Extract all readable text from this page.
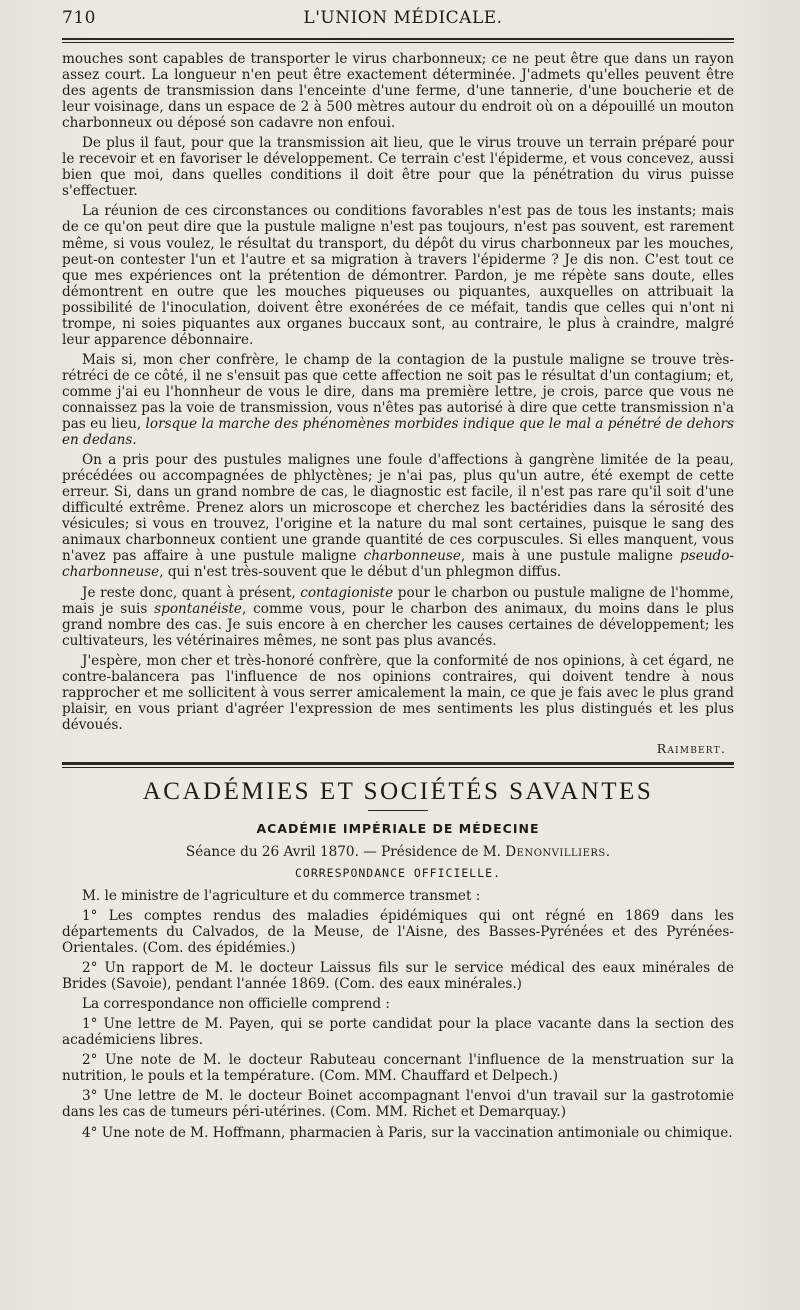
710	L'UNION MÉDICALE.

mouches sont capables de transporter le virus charbonneux; ce ne peut être que dans un rayon assez court. La longueur n'en peut être exactement déterminée. J'admets qu'elles peuvent être des agents de transmission dans l'enceinte d'une ferme, d'une tannerie, d'une boucherie et de leur voisinage, dans un espace de 2 à 500 mètres autour du endroit où on a dépouillé un mouton charbonneux ou déposé son cadavre non enfoui.

De plus il faut, pour que la transmission ait lieu, que le virus trouve un terrain préparé pour le recevoir et en favoriser le développement. Ce terrain c'est l'épiderme, et vous concevez, aussi bien que moi, dans quelles conditions il doit être pour que la pénétration du virus puisse s'effectuer.

La réunion de ces circonstances ou conditions favorables n'est pas de tous les instants; mais de ce qu'on peut dire que la pustule maligne n'est pas toujours, n'est pas souvent, est rarement même, si vous voulez, le résultat du transport, du dépôt du virus charbonneux par les mouches, peut-on contester l'un et l'autre et sa migration à travers l'épiderme ? Je dis non. C'est tout ce que mes expériences ont la prétention de démontrer. Pardon, je me répète sans doute, elles démontrent en outre que les mouches piqueuses ou piquantes, auxquelles on attribuait la possibilité de l'inoculation, doivent être exonérées de ce méfait, tandis que celles qui n'ont ni trompe, ni soies piquantes aux organes buccaux sont, au contraire, le plus à craindre, malgré leur apparence débonnaire.

Mais si, mon cher confrère, le champ de la contagion de la pustule maligne se trouve très-rétréci de ce côté, il ne s'ensuit pas que cette affection ne soit pas le résultat d'un contagium; et, comme j'ai eu l'honnheur de vous le dire, dans ma première lettre, je crois, parce que vous ne connaissez pas la voie de transmission, vous n'êtes pas autorisé à dire que cette transmission n'a pas eu lieu, lorsque la marche des phénomènes morbides indique que le mal a pénétré de dehors en dedans.

On a pris pour des pustules malignes une foule d'affections à gangrène limitée de la peau, précédées ou accompagnées de phlyctènes; je n'ai pas, plus qu'un autre, été exempt de cette erreur. Si, dans un grand nombre de cas, le diagnostic est facile, il n'est pas rare qu'il soit d'une difficulté extrême. Prenez alors un microscope et cherchez les bactéridies dans la sérosité des vésicules; si vous en trouvez, l'origine et la nature du mal sont certaines, puisque le sang des animaux charbonneux contient une grande quantité de ces corpuscules. Si elles manquent, vous n'avez pas affaire à une pustule maligne charbonneuse, mais à une pustule maligne pseudo-charbonneuse, qui n'est très-souvent que le début d'un phlegmon diffus.

Je reste donc, quant à présent, contagioniste pour le charbon ou pustule maligne de l'homme, mais je suis spontanéiste, comme vous, pour le charbon des animaux, du moins dans le plus grand nombre des cas. Je suis encore à en chercher les causes certaines de développement; les cultivateurs, les vétérinaires mêmes, ne sont pas plus avancés.

J'espère, mon cher et très-honoré confrère, que la conformité de nos opinions, à cet égard, ne contre-balancera pas l'influence de nos opinions contraires, qui doivent tendre à nous rapprocher et me sollicitent à vous serrer amicalement la main, ce que je fais avec le plus grand plaisir, en vous priant d'agréer l'expression de mes sentiments les plus distingués et les plus dévoués.

Raimbert.
ACADÉMIES ET SOCIÉTÉS SAVANTES
ACADÉMIE IMPÉRIALE DE MÉDECINE
Séance du 26 Avril 1870. — Présidence de M. Denonvilliers.
CORRESPONDANCE OFFICIELLE.

M. le ministre de l'agriculture et du commerce transmet :

1° Les comptes rendus des maladies épidémiques qui ont régné en 1869 dans les départements du Calvados, de la Meuse, de l'Aisne, des Basses-Pyrénées et des Pyrénées-Orientales. (Com. des épidémies.)

2° Un rapport de M. le docteur Laissus fils sur le service médical des eaux minérales de Brides (Savoie), pendant l'année 1869. (Com. des eaux minérales.)

La correspondance non officielle comprend :

1° Une lettre de M. Payen, qui se porte candidat pour la place vacante dans la section des académiciens libres.

2° Une note de M. le docteur Rabuteau concernant l'influence de la menstruation sur la nutrition, le pouls et la température. (Com. MM. Chauffard et Delpech.)

3° Une lettre de M. le docteur Boinet accompagnant l'envoi d'un travail sur la gastrotomie dans les cas de tumeurs péri-utérines. (Com. MM. Richet et Demarquay.)

4° Une note de M. Hoffmann, pharmacien à Paris, sur la vaccination antimoniale ou chimique.
